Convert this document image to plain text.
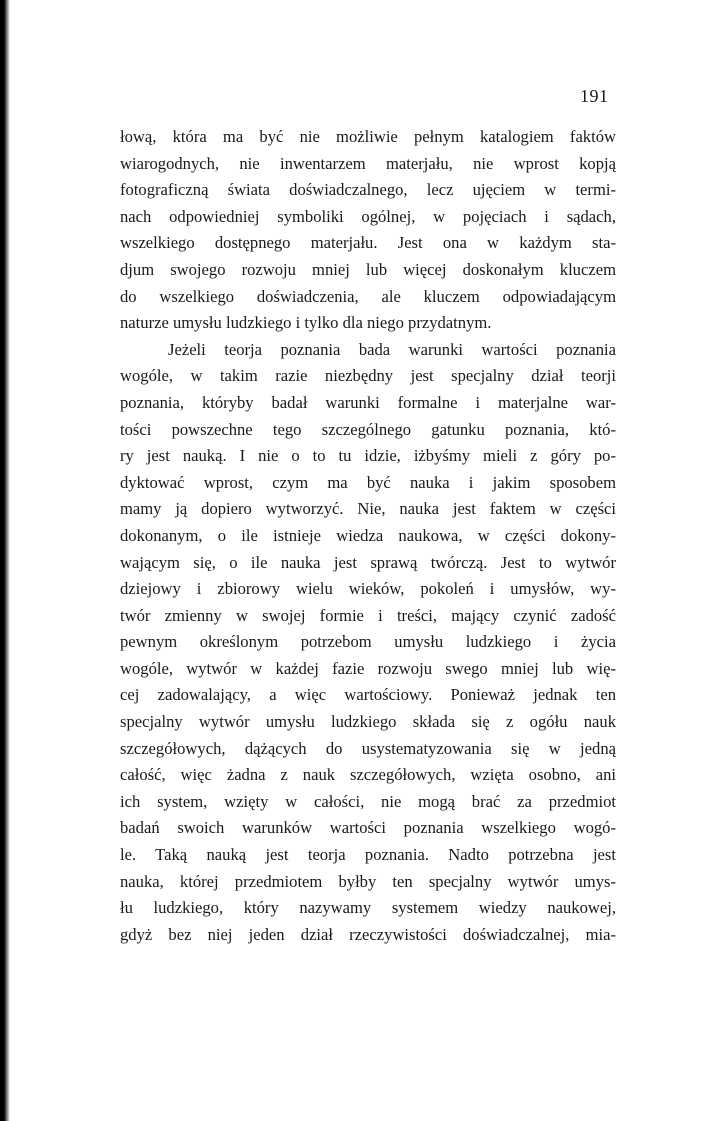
191
łową, która ma być nie możliwie pełnym katalogiem faktów
wiarogodnych, nie inwentarzem materjału, nie wprost kopją
fotograficzną świata doświadczalnego, lecz ujęciem w termi-
nach odpowiedniej symboliki ogólnej, w pojęciach i sądach,
wszelkiego dostępnego materjału. Jest ona w każdym sta-
djum swojego rozwoju mniej lub więcej doskonałym kluczem
do wszelkiego doświadczenia, ale kluczem odpowiadającym
naturze umysłu ludzkiego i tylko dla niego przydatnym.
Jeżeli teorja poznania bada warunki wartości poznania
wogóle, w takim razie niezbędny jest specjalny dział teorji
poznania, któryby badał warunki formalne i materjalne war-
tości powszechne tego szczególnego gatunku poznania, któ-
ry jest nauką. I nie o to tu idzie, iżbyśmy mieli z góry po-
dyktować wprost, czym ma być nauka i jakim sposobem
mamy ją dopiero wytworzyć. Nie, nauka jest faktem w części
dokonanym, o ile istnieje wiedza naukowa, w części dokony-
wającym się, o ile nauka jest sprawą twórczą. Jest to wytwór
dziejowy i zbiorowy wielu wieków, pokoleń i umysłów, wy-
twór zmienny w swojej formie i treści, mający czynić zadość
pewnym określonym potrzebom umysłu ludzkiego i życia
wogóle, wytwór w każdej fazie rozwoju swego mniej lub wię-
cej zadowalający, a więc wartościowy. Ponieważ jednak ten
specjalny wytwór umysłu ludzkiego składa się z ogółu nauk
szczegółowych, dążących do usystematyzowania się w jedną
całość, więc żadna z nauk szczegółowych, wzięta osobno, ani
ich system, wzięty w całości, nie mogą brać za przedmiot
badań swoich warunków wartości poznania wszelkiego wogó-
le. Taką nauką jest teorja poznania. Nadto potrzebna jest
nauka, której przedmiotem byłby ten specjalny wytwór umys-
łu ludzkiego, który nazywamy systemem wiedzy naukowej,
gdyż bez niej jeden dział rzeczywistości doświadczalnej, mia-
